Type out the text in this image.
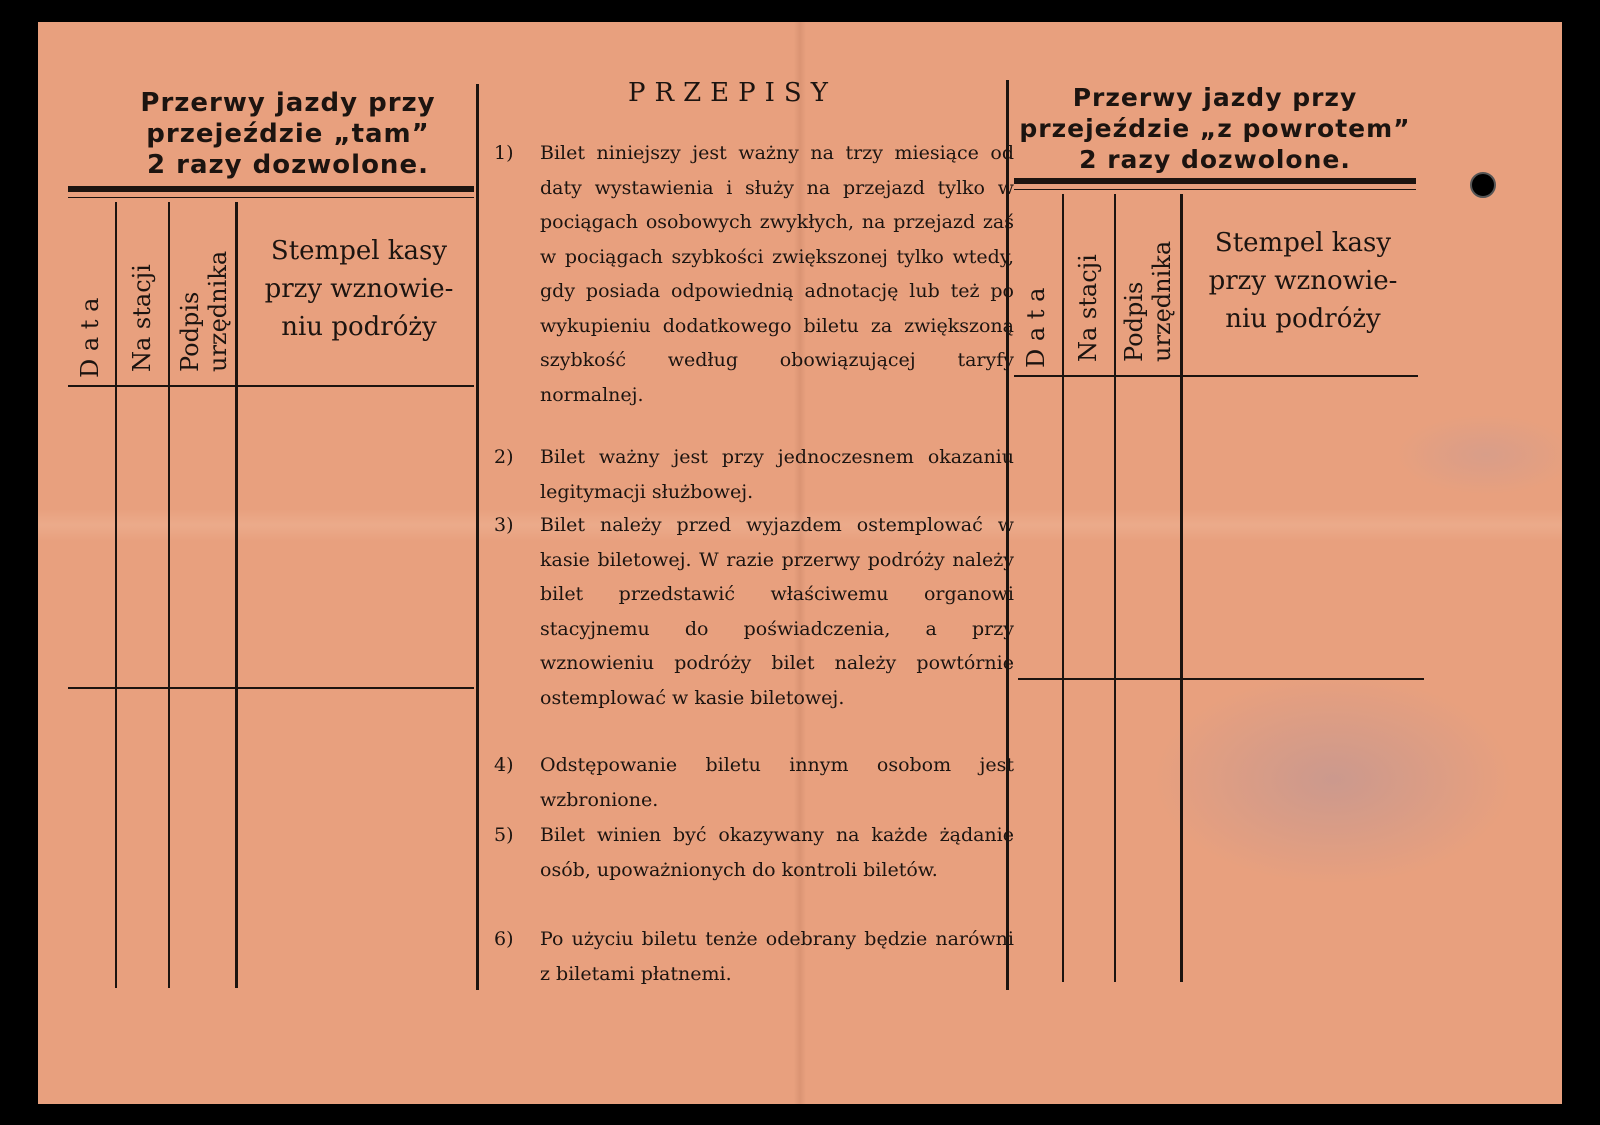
Przerwy jazdy przy
przejeździe „tam”
2 razy dozwolone.
D a t a Na stacji Podpis urzędnika	Stempel kasy
przy wznowie-
niu podróży
PRZEPISY
1) Bilet niniejszy jest ważny na trzy miesiące od daty wystawienia i służy na przejazd tylko w pociągach osobowych zwykłych, na przejazd zaś w pociągach szybkości zwiększonej tylko wtedy, gdy posiada odpowiednią adnotację lub też po wykupieniu dodatkowego biletu za zwiększoną szybkość według obowiązującej taryfy normalnej.
2) Bilet ważny jest przy jednoczesnem okazaniu legitymacji służbowej.
3) Bilet należy przed wyjazdem ostemplować w kasie biletowej. W razie przerwy podróży należy bilet przedstawić właściwemu organowi stacyjnemu do poświadczenia, a przy wznowieniu podróży bilet należy powtórnie ostemplować w kasie biletowej.
4) Odstępowanie biletu innym osobom jest wzbronione.
5) Bilet winien być okazywany na każde żądanie osób, upoważnionych do kontroli biletów.
6) Po użyciu biletu tenże odebrany będzie narówni z biletami płatnemi.
Przerwy jazdy przy
przejeździe „z powrotem”
2 razy dozwolone.
D a t a Na stacji Podpis urzędnika	Stempel kasy
przy wznowie-
niu podróży
